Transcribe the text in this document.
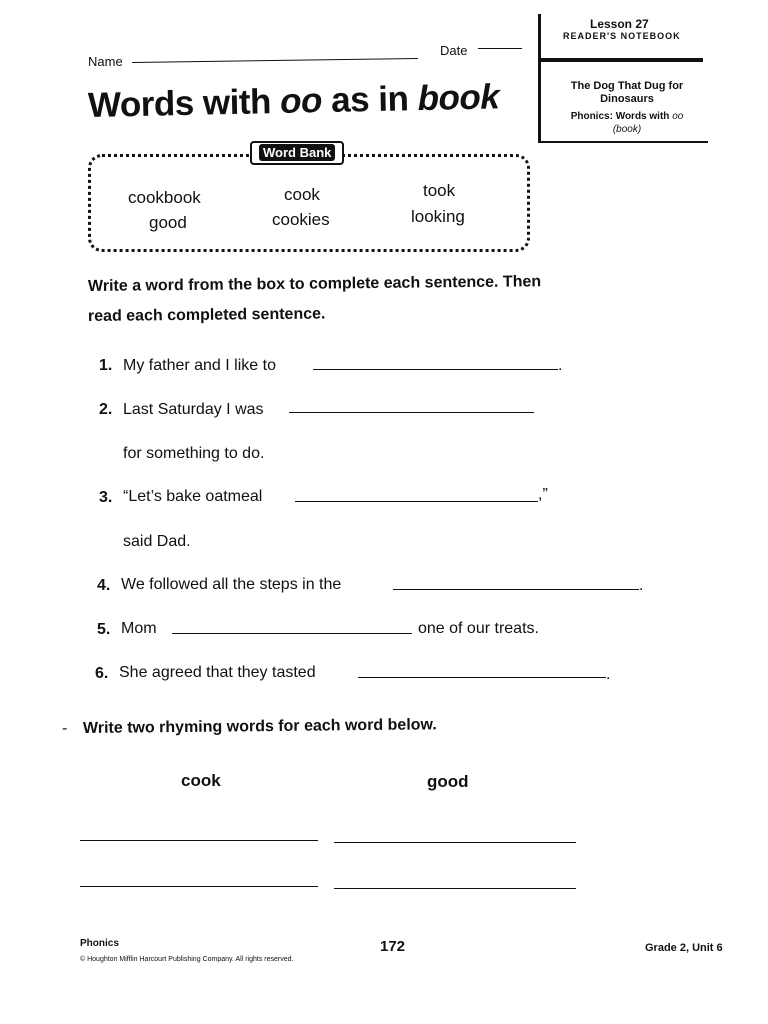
Lesson 27
READER'S NOTEBOOK
The Dog That Dug for Dinosaurs
Phonics: Words with oo
(book)
Name
Date
Words with oo as in book
Word Bank
cookbook
good
cook
cookies
took
looking
Write a word from the box to complete each sentence. Then
read each completed sentence.
1. My father and I like to	.
2. Last Saturday I was
for something to do.
3. “Let’s bake oatmeal	,”
said Dad.
4. We followed all the steps in the	.
5. Mom	one of our treats.
6. She agreed that they tasted	.
- Write two rhyming words for each word below.
cook	good
Phonics
© Houghton Mifflin Harcourt Publishing Company. All rights reserved.
172	Grade 2, Unit 6
